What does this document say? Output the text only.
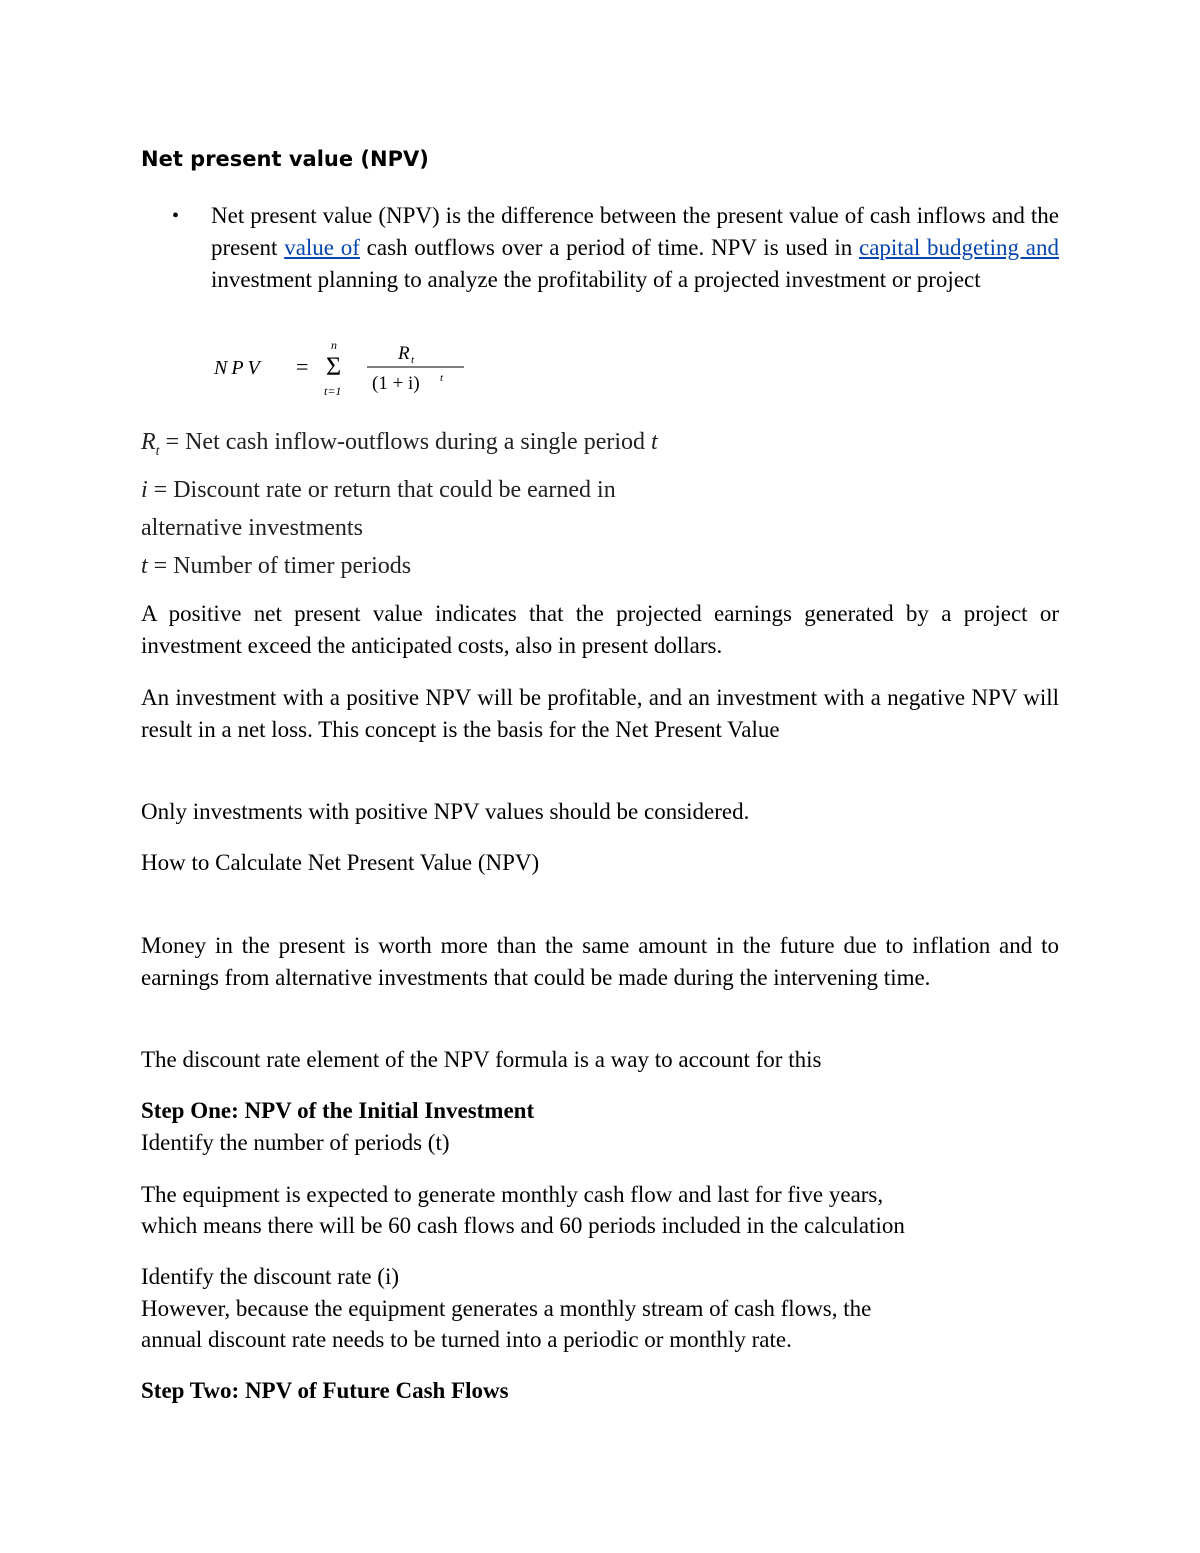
Net present value (NPV)
• Net present value (NPV) is the difference between the present value of cash inflows and the present value of cash outflows over a period of time. NPV is used in capital budgeting and investment planning to analyze the profitability of a projected investment or project
NPV =
n
Σ
t=1
R t
(1 + i) t
$R_t$ = Net cash inflow-outflows during a single period t
i = Discount rate or return that could be earned in
alternative investments
t = Number of timer periods
A positive net present value indicates that the projected earnings generated by a project or investment exceed the anticipated costs, also in present dollars.
An investment with a positive NPV will be profitable, and an investment with a negative NPV will result in a net loss. This concept is the basis for the Net Present Value
Only investments with positive NPV values should be considered.
How to Calculate Net Present Value (NPV)
Money in the present is worth more than the same amount in the future due to inflation and to earnings from alternative investments that could be made during the intervening time.
The discount rate element of the NPV formula is a way to account for this
Step One: NPV of the Initial Investment
Identify the number of periods (t)
The equipment is expected to generate monthly cash flow and last for five years,
which means there will be 60 cash flows and 60 periods included in the calculation
Identify the discount rate (i)
However, because the equipment generates a monthly stream of cash flows, the
annual discount rate needs to be turned into a periodic or monthly rate.
Step Two: NPV of Future Cash Flows
